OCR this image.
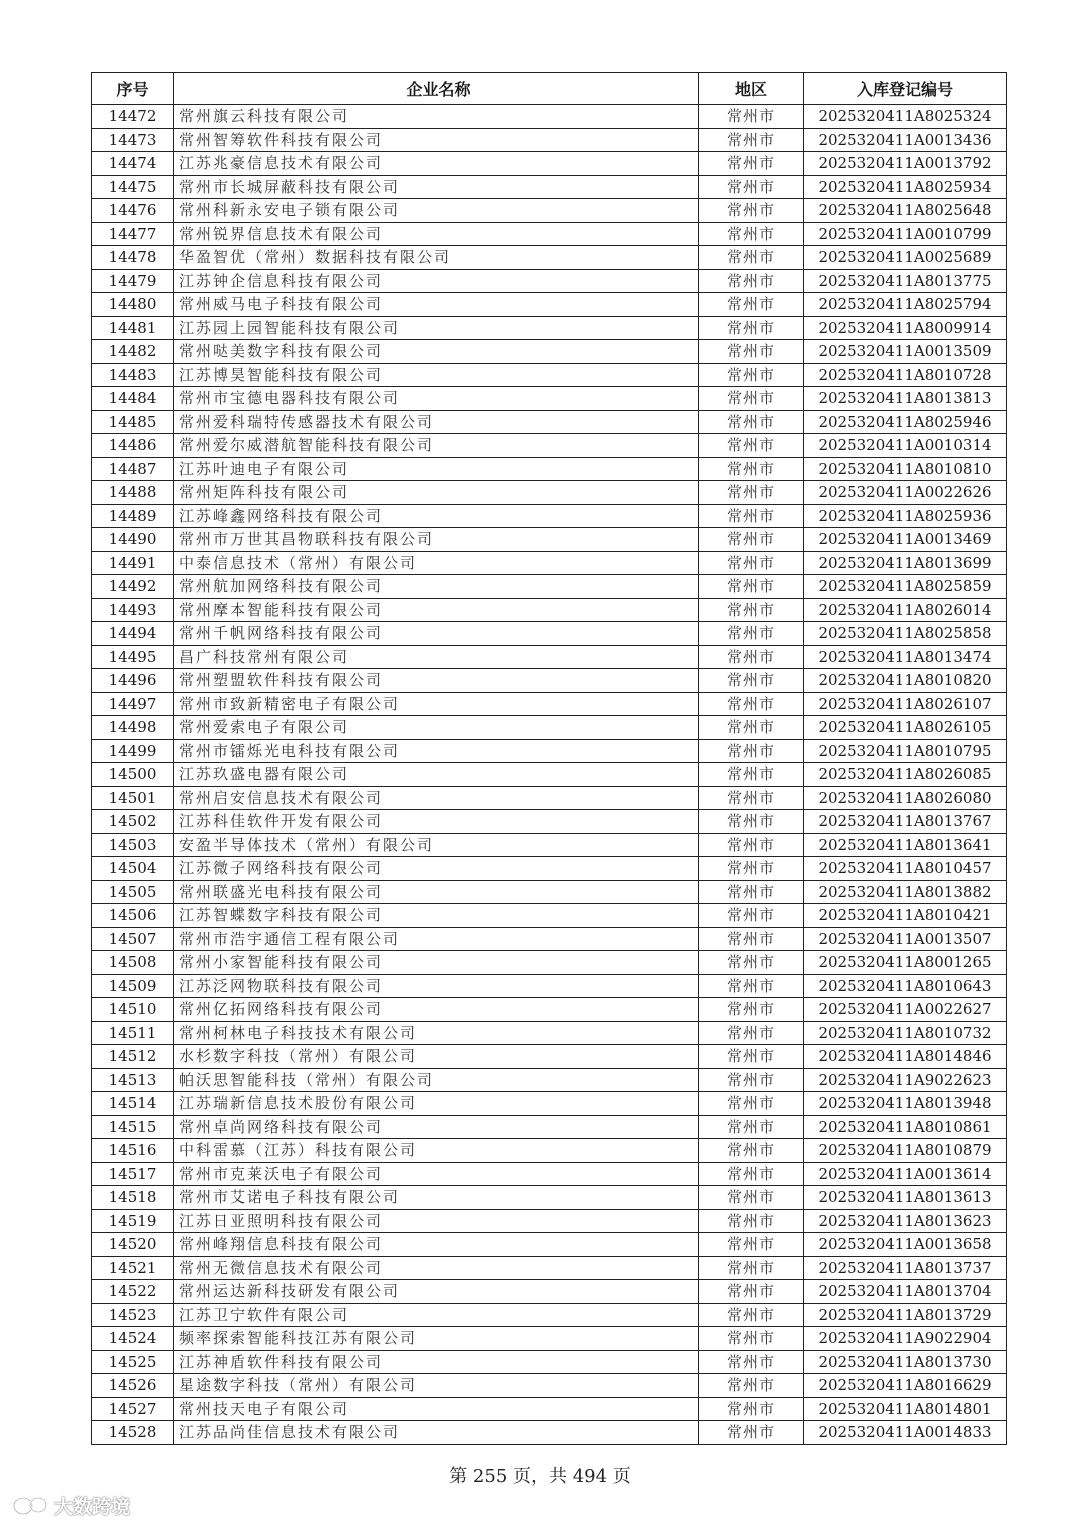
序号	企业名称	地区	入库登记编号
14472	常州旗云科技有限公司	常州市	2025320411A8025324
14473	常州智筹软件科技有限公司	常州市	2025320411A0013436
14474	江苏兆豪信息技术有限公司	常州市	2025320411A0013792
14475	常州市长城屏蔽科技有限公司	常州市	2025320411A8025934
14476	常州科新永安电子锁有限公司	常州市	2025320411A8025648
14477	常州锐界信息技术有限公司	常州市	2025320411A0010799
14478	华盈智优（常州）数据科技有限公司	常州市	2025320411A0025689
14479	江苏钟企信息科技有限公司	常州市	2025320411A8013775
14480	常州威马电子科技有限公司	常州市	2025320411A8025794
14481	江苏园上园智能科技有限公司	常州市	2025320411A8009914
14482	常州哒美数字科技有限公司	常州市	2025320411A0013509
14483	江苏博昊智能科技有限公司	常州市	2025320411A8010728
14484	常州市宝德电器科技有限公司	常州市	2025320411A8013813
14485	常州爱科瑞特传感器技术有限公司	常州市	2025320411A8025946
14486	常州爱尔威潜航智能科技有限公司	常州市	2025320411A0010314
14487	江苏叶迪电子有限公司	常州市	2025320411A8010810
14488	常州矩阵科技有限公司	常州市	2025320411A0022626
14489	江苏峰鑫网络科技有限公司	常州市	2025320411A8025936
14490	常州市万世其昌物联科技有限公司	常州市	2025320411A0013469
14491	中泰信息技术（常州）有限公司	常州市	2025320411A8013699
14492	常州航加网络科技有限公司	常州市	2025320411A8025859
14493	常州摩本智能科技有限公司	常州市	2025320411A8026014
14494	常州千帆网络科技有限公司	常州市	2025320411A8025858
14495	昌广科技常州有限公司	常州市	2025320411A8013474
14496	常州塑盟软件科技有限公司	常州市	2025320411A8010820
14497	常州市致新精密电子有限公司	常州市	2025320411A8026107
14498	常州爱索电子有限公司	常州市	2025320411A8026105
14499	常州市镭烁光电科技有限公司	常州市	2025320411A8010795
14500	江苏玖盛电器有限公司	常州市	2025320411A8026085
14501	常州启安信息技术有限公司	常州市	2025320411A8026080
14502	江苏科佳软件开发有限公司	常州市	2025320411A8013767
14503	安盈半导体技术（常州）有限公司	常州市	2025320411A8013641
14504	江苏微子网络科技有限公司	常州市	2025320411A8010457
14505	常州联盛光电科技有限公司	常州市	2025320411A8013882
14506	江苏智蝶数字科技有限公司	常州市	2025320411A8010421
14507	常州市浩宇通信工程有限公司	常州市	2025320411A0013507
14508	常州小家智能科技有限公司	常州市	2025320411A8001265
14509	江苏泛网物联科技有限公司	常州市	2025320411A8010643
14510	常州亿拓网络科技有限公司	常州市	2025320411A0022627
14511	常州柯林电子科技技术有限公司	常州市	2025320411A8010732
14512	水杉数字科技（常州）有限公司	常州市	2025320411A8014846
14513	帕沃思智能科技（常州）有限公司	常州市	2025320411A9022623
14514	江苏瑞新信息技术股份有限公司	常州市	2025320411A8013948
14515	常州卓尚网络科技有限公司	常州市	2025320411A8010861
14516	中科雷慕（江苏）科技有限公司	常州市	2025320411A8010879
14517	常州市克莱沃电子有限公司	常州市	2025320411A0013614
14518	常州市艾诺电子科技有限公司	常州市	2025320411A8013613
14519	江苏日亚照明科技有限公司	常州市	2025320411A8013623
14520	常州峰翔信息科技有限公司	常州市	2025320411A0013658
14521	常州无微信息技术有限公司	常州市	2025320411A8013737
14522	常州运达新科技研发有限公司	常州市	2025320411A8013704
14523	江苏卫宁软件有限公司	常州市	2025320411A8013729
14524	频率探索智能科技江苏有限公司	常州市	2025320411A9022904
14525	江苏神盾软件科技有限公司	常州市	2025320411A8013730
14526	星途数字科技（常州）有限公司	常州市	2025320411A8016629
14527	常州技天电子有限公司	常州市	2025320411A8014801
14528	江苏品尚佳信息技术有限公司	常州市	2025320411A0014833
第 255 页，共 494 页
大数跨境
